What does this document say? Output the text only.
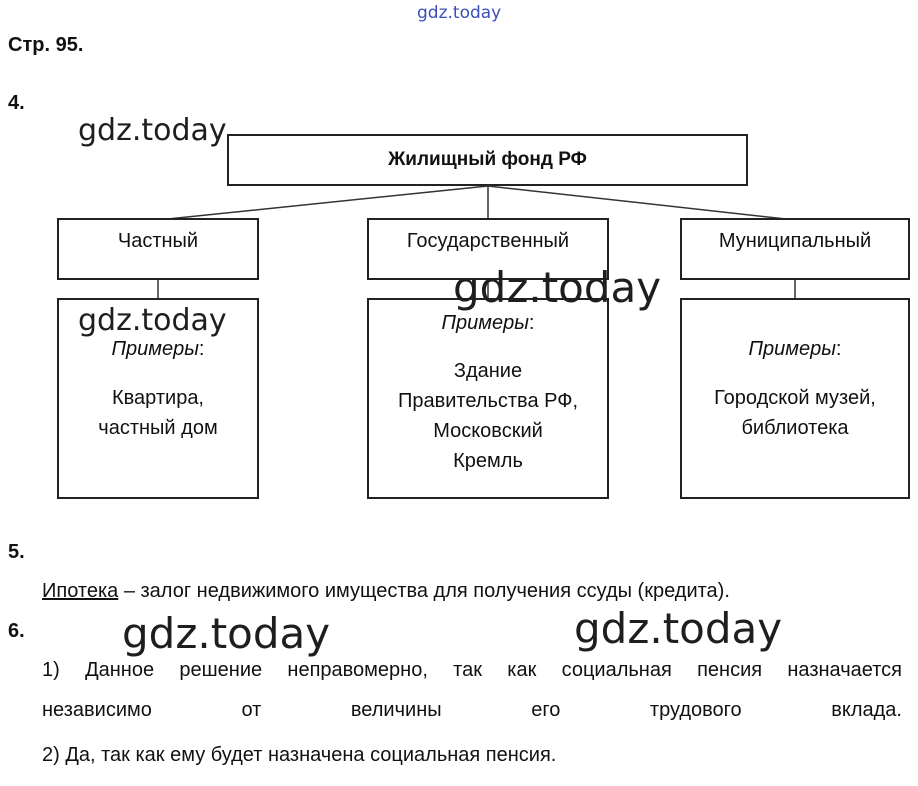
gdz.today
Стр. 95.
4.
gdz.today
Жилищный фонд РФ
Частный	Государственный	Муниципальный
Примеры:
Квартира,
частный дом
Примеры:
Здание
Правительства РФ,
Московский
Кремль
Примеры:
Городской музей,
библиотека
gdz.today
gdz.today
5.
Ипотека – залог недвижимого имущества для получения ссуды (кредита).
6. gdz.today	gdz.today
1) Данное решение неправомерно, так как социальная пенсия назначается
независимо	от	величины	его	трудового	вклада.
2) Да, так как ему будет назначена социальная пенсия.
